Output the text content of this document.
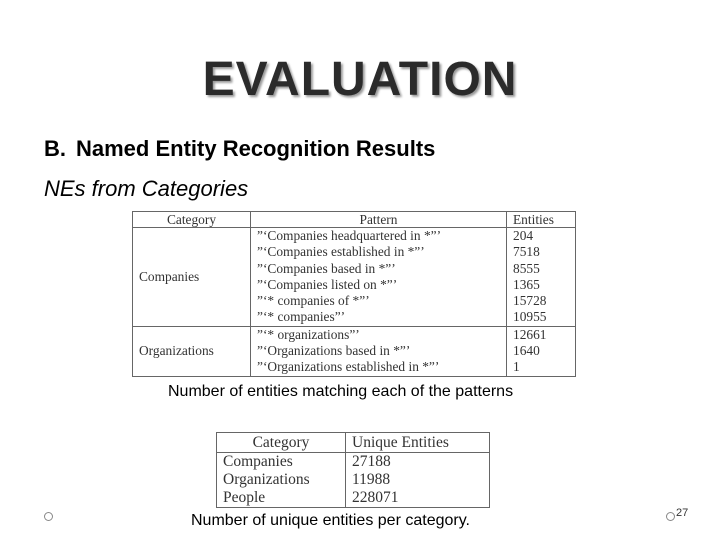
EVALUATION
B. Named Entity Recognition Results
NEs from Categories
Category	Pattern	Entities
Companies	”‘Companies headquartered in *”’	204
	”‘Companies established in *”’	7518
	”‘Companies based in *”’	8555
	”‘Companies listed on *”’	1365
	”‘* companies of *”’	15728
	”‘* companies”’	10955
Organizations	”‘* organizations”’	12661
	”‘Organizations based in *”’	1640
	”‘Organizations established in *”’	1
Number of entities matching each of the patterns
Category	Unique Entities
Companies	27188
Organizations	11988
People	228071
Number of unique entities per category.	27
